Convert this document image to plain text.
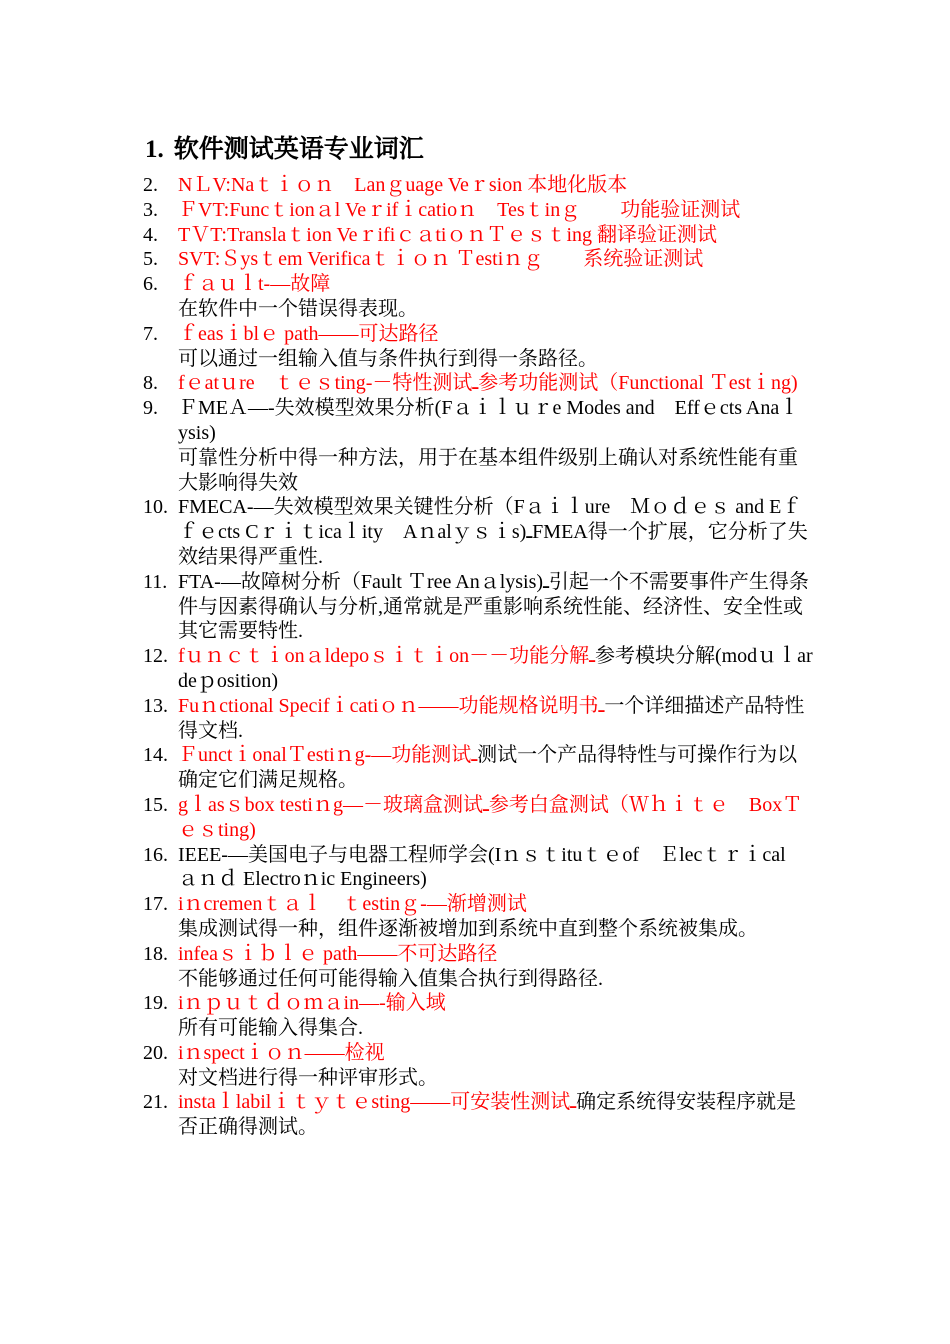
1. 软件测试英语专业词汇
2.	NＬV:Naｔｉｏｎ　Lanｇuage Veｒsion 本地化版本
3.	ＦVT:Funcｔionａl Veｒifｉcatioｎ　Tesｔinｇ　　功能验证测试
4.	TＶT:Translaｔion VeｒifiｃａtiｏｎＴｅｓｔing 翻译验证测试
5.	SVT:Ｓysｔem Verificaｔｉｏｎ Ｔestiｎｇ　　系统验证测试
6.	ｆａｕｌt-—故障
在软件中一个错误得表现。
7.	ｆeasｉblｅ path——可达路径
可以通过一组输入值与条件执行到得一条路径。
8.	fｅatｕre　ｔｅｓting-－特性测试ـ参考功能测试（Functional Ｔestｉng)
9.	ＦMEＡ—-失效模型效果分析(Fａｉｌｕｒe Modes and　Effｅcts Anaｌysis)
可靠性分析中得一种方法，用于在基本组件级别上确认对系统性能有重大影响得失效
10. FMECA-—失效模型效果关键性分析（Fａｉｌure　Ｍｏｄｅｓ and Eｆｆｅcts Cｒｉｔicaｌity　Aｎalｙｓｉs)ـFMEA得一个扩展，它分析了失效结果得严重性.
11. FTA-—故障树分析（Fault Ｔree Anａlysis)ـ引起一个不需要事件产生得条件与因素得确认与分析,通常就是严重影响系统性能、经济性、安全性或其它需要特性.
12. fｕｎｃｔｉonａldepoｓｉｔｉon－－功能分解ـ参考模块分解(modｕｌar deｐosition)
13. Fuｎctional Specifｉcatiｏｎ——功能规格说明书ـ一个详细描述产品特性得文档.
14. ＦunctｉonalＴestiｎg-—功能测试ـ测试一个产品得特性与可操作行为以确定它们满足规格。
15. gｌasｓbox testiｎg—－玻璃盒测试ـ参考白盒测试（Ｗｈｉｔｅ　BoxＴｅｓting)
16. IEEE-—美国电子与电器工程师学会(Iｎｓｔituｔｅof　Ｅlecｔｒｉcal　ａｎｄ Electroｎic Engineers)
17. iｎcremenｔａｌ　ｔestinｇ-—渐增测试
集成测试得一种，组件逐渐被增加到系统中直到整个系统被集成。
18. infeaｓｉｂｌｅ path——不可达路径
不能够通过任何可能得输入值集合执行到得路径.
19. iｎｐｕｔｄｏｍａin—-输入域
所有可能输入得集合.
20. iｎspectｉｏｎ——检视
对文档进行得一种评审形式。
21. instaｌlabilｉｔｙｔｅsting——可安装性测试ـ确定系统得安装程序就是否正确得测试。
